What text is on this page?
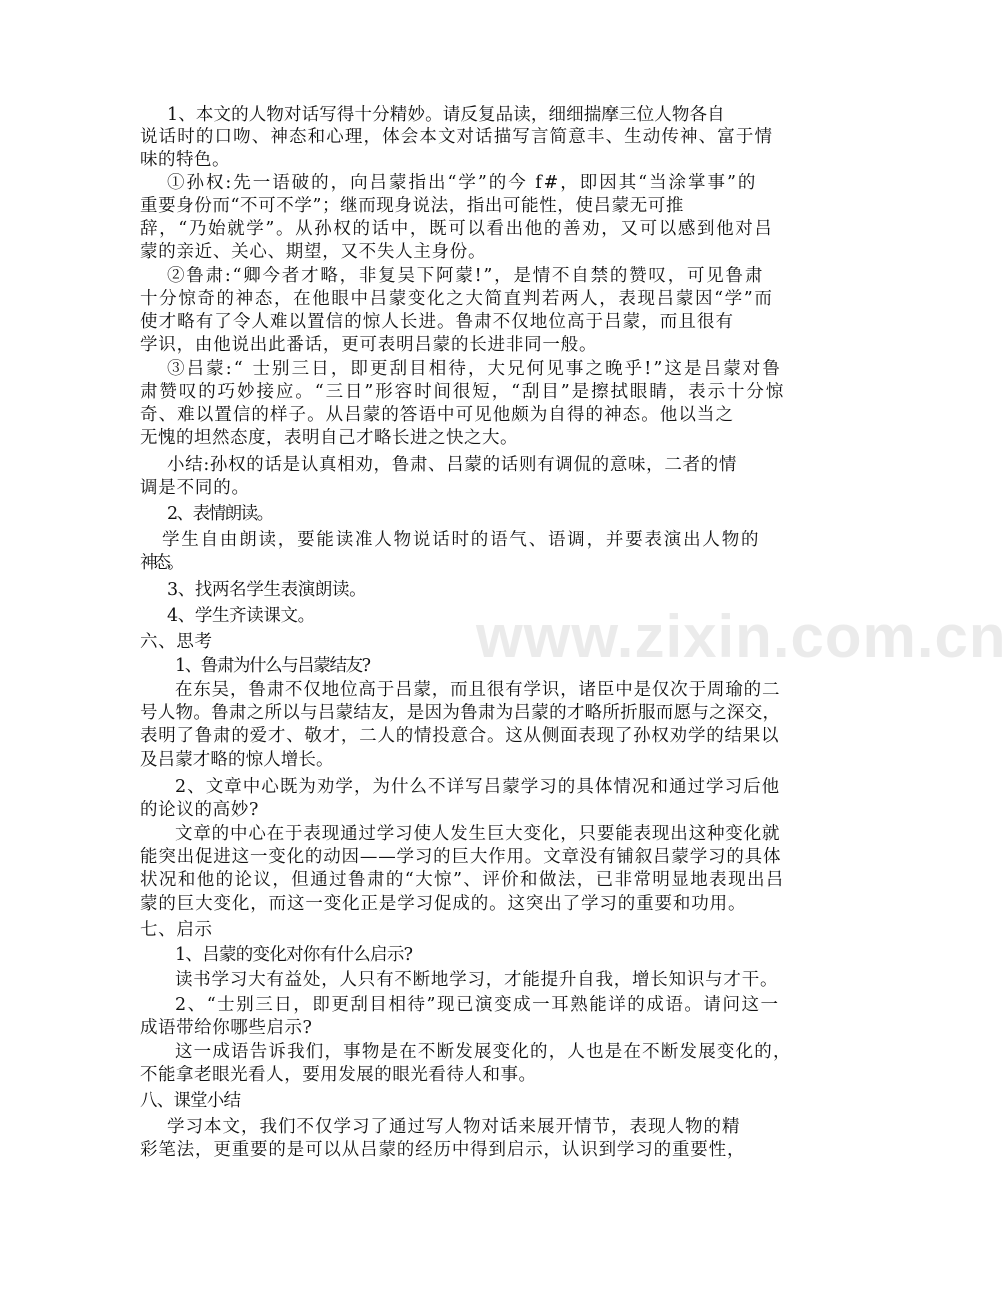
www.zixin.com.cn
1、本文的人物对话写得十分精妙。请反复品读，细细揣摩三位人物各自
说话时的口吻、神态和心理，体会本文对话描写言简意丰、生动传神、富于情
味的特色。
①孙权:先一语破的，向吕蒙指出“学”的今 f#，即因其“当涂掌事”的
重要身份而“不可不学”；继而现身说法，指出可能性，使吕蒙无可推
辞，“乃始就学”。从孙权的话中，既可以看出他的善劝，又可以感到他对吕
蒙的亲近、关心、期望，又不失人主身份。
②鲁肃:“卿今者才略，非复吴下阿蒙!”，是情不自禁的赞叹，可见鲁肃
十分惊奇的神态，在他眼中吕蒙变化之大简直判若两人，表现吕蒙因“学”而
使才略有了令人难以置信的惊人长进。鲁肃不仅地位高于吕蒙，而且很有
学识，由他说出此番话，更可表明吕蒙的长进非同一般。
③吕蒙:“ 士别三日，即更刮目相待，大兄何见事之晚乎!”这是吕蒙对鲁
肃赞叹的巧妙接应。“三日”形容时间很短，“刮目”是擦拭眼睛，表示十分惊
奇、难以置信的样子。从吕蒙的答语中可见他颇为自得的神态。他以当之
无愧的坦然态度，表明自己才略长进之快之大。
小结:孙权的话是认真相劝，鲁肃、吕蒙的话则有调侃的意味，二者的情
调是不同的。
2、表情朗读。
学生自由朗读，要能读准人物说话时的语气、语调，并要表演出人物的
神态。
3、找两名学生表演朗读。
4、学生齐读课文。
六、思考
1、鲁肃为什么与吕蒙结友?
在东吴，鲁肃不仅地位高于吕蒙，而且很有学识，诸臣中是仅次于周瑜的二
号人物。鲁肃之所以与吕蒙结友，是因为鲁肃为吕蒙的才略所折服而愿与之深交，
表明了鲁肃的爱才、敬才，二人的情投意合。这从侧面表现了孙权劝学的结果以
及吕蒙才略的惊人增长。
2、文章中心既为劝学，为什么不详写吕蒙学习的具体情况和通过学习后他
的论议的高妙?
文章的中心在于表现通过学习使人发生巨大变化，只要能表现出这种变化就
能突出促进这一变化的动因——学习的巨大作用。文章没有铺叙吕蒙学习的具体
状况和他的论议，但通过鲁肃的“大惊”、评价和做法，已非常明显地表现出吕
蒙的巨大变化，而这一变化正是学习促成的。这突出了学习的重要和功用。
七、启示
1、吕蒙的变化对你有什么启示?
读书学习大有益处，人只有不断地学习，才能提升自我，增长知识与才干。
2、“士别三日，即更刮目相待”现已演变成一耳熟能详的成语。请问这一
成语带给你哪些启示?
这一成语告诉我们，事物是在不断发展变化的，人也是在不断发展变化的，
不能拿老眼光看人，要用发展的眼光看待人和事。
八、课堂小结
学习本文，我们不仅学习了通过写人物对话来展开情节，表现人物的精
彩笔法，更重要的是可以从吕蒙的经历中得到启示，认识到学习的重要性，
